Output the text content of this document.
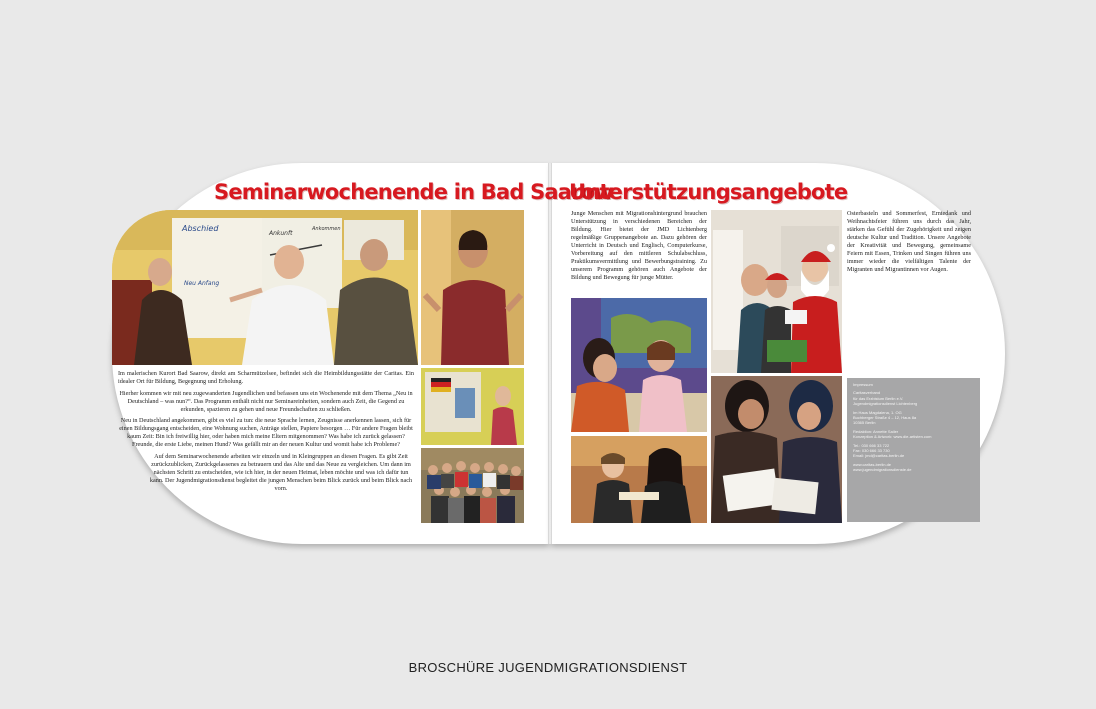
Seminarwochenende in Bad Saarow
Abschied
Ankunft
Ankommen
Neu Anfang

Im malerischen Kurort Bad Saarow, direkt am Scharmützelsee, befindet sich die Heimbildungsstätte der Caritas. Ein idealer Ort für Bildung, Begegnung und Erholung.

Hierher kommen wir mit neu zugewanderten Jugendlichen und befassen uns ein Wochenende mit dem Thema „Neu in Deutschland – was nun?“. Das Programm enthält nicht nur Seminareinheiten, sondern auch Zeit, die Gegend zu erkunden, spazieren zu gehen und neue Freundschaften zu schließen.

Neu in Deutschland angekommen, gibt es viel zu tun: die neue Sprache lernen, Zeugnisse anerkennen lassen, sich für einen Bildungsgang entscheiden, eine Wohnung suchen, Anträge stellen, Papiere besorgen … Für andere Fragen bleibt kaum Zeit: Bin ich freiwillig hier, oder haben mich meine Eltern mitgenommen? Was habe ich zurück gelassen? Freunde, die erste Liebe, meinen Hund? Was gefällt mir an der neuen Kultur und womit habe ich Probleme?

Auf dem Seminarwochenende arbeiten wir einzeln und in Kleingruppen an diesen Fragen. Es gibt Zeit zurückzublicken, Zurückgelassenes zu betrauern und das Alte und das Neue zu vergleichen. Um dann im nächsten Schritt zu entscheiden, wie ich hier, in der neuen Heimat, leben möchte und was ich dafür tun kann. Der Jugendmigrationsdienst begleitet die jungen Menschen beim Blick zurück und beim Blick nach vorn.

Unterstützungsangebote
Junge Menschen mit Migrationshintergrund brauchen Unterstützung in verschiedenen Bereichen der Bildung. Hier bietet der JMD Lichtenberg regelmäßige Gruppenangebote an. Dazu gehören der Unterricht in Deutsch und Englisch, Computerkurse, Vorbereitung auf den mittleren Schulabschluss, Praktikumsvermittlung und Bewerbungstraining. Zu unserem Programm gehören auch Angebote der Bildung und Bewegung für junge Mütter.
Osterbasteln und Sommerfest, Erntedank und Weihnachtsfeier führen uns durch das Jahr, stärken das Gefühl der Zugehörigkeit und zeigen deutsche Kultur und Tradition. Unsere Angebote der Kreativität und Bewegung, gemeinsame Feiern mit Essen, Trinken und Singen führen uns immer wieder die vielfältigen Talente der Migranten und Migrantinnen vor Augen.
Impressum
Caritasverband
für das Erzbistum Berlin e.V.
Jugendmigrationsdienst Lichtenberg
Im Haus Magdalena, 1. OG
Buchberger Straße 4 – 12, Haus 8a
10365 Berlin
Redaktion: Annette Sailer
Konzeption & Artwork: www.die-artisten.com
Tel.: 030 666 33 722
Fax: 030 666 33 730
Email: jmd@caritas-berlin.de
www.caritas-berlin.de
www.jugendmigrationsdienste.de
BROSCHÜRE JUGENDMIGRATIONSDIENST
